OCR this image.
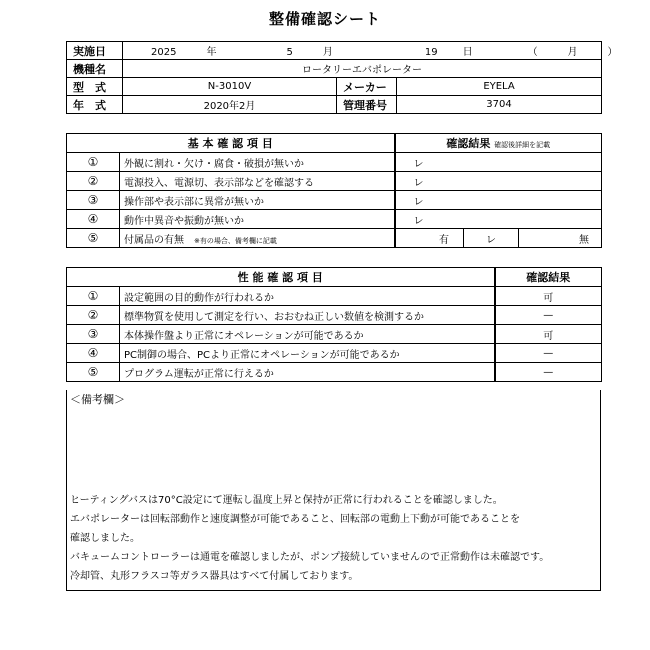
整備確認シート
実施日	2025 年 5 月 19 日 （　　　月　　　）		
機種名	ロータリーエバポレーター		
型　式	N-3010V	メーカー	EYELA
年　式	2020年2月	管理番号	3704
基 本 確 認 項 目		確認結果 確認後詳細を記載		
①	外観に割れ・欠け・腐食・破損が無いか	レ		
②	電源投入、電源切、表示部などを確認する	レ		
③	操作部や表示部に異常が無いか	レ		
④	動作中異音や振動が無いか	レ		
⑤	付属品の有無　 ※有の場合、備考欄に記載	有	レ	無
性 能 確 認 項 目		確認結果
①	設定範囲の目的動作が行われるか	可
②	標準物質を使用して測定を行い、おおむね正しい数値を検測するか	—
③	本体操作盤より正常にオペレーションが可能であるか	可
④	PC制御の場合、PCより正常にオペレーションが可能であるか	—
⑤	プログラム運転が正常に行えるか	—
＜備考欄＞
ヒーティングバスは70°C設定にて運転し温度上昇と保持が正常に行われることを確認しました。
エバポレーターは回転部動作と速度調整が可能であること、回転部の電動上下動が可能であることを
確認しました。
バキュームコントローラーは通電を確認しましたが、ポンプ接続していませんので正常動作は未確認です。
冷却管、丸形フラスコ等ガラス器具はすべて付属しております。
